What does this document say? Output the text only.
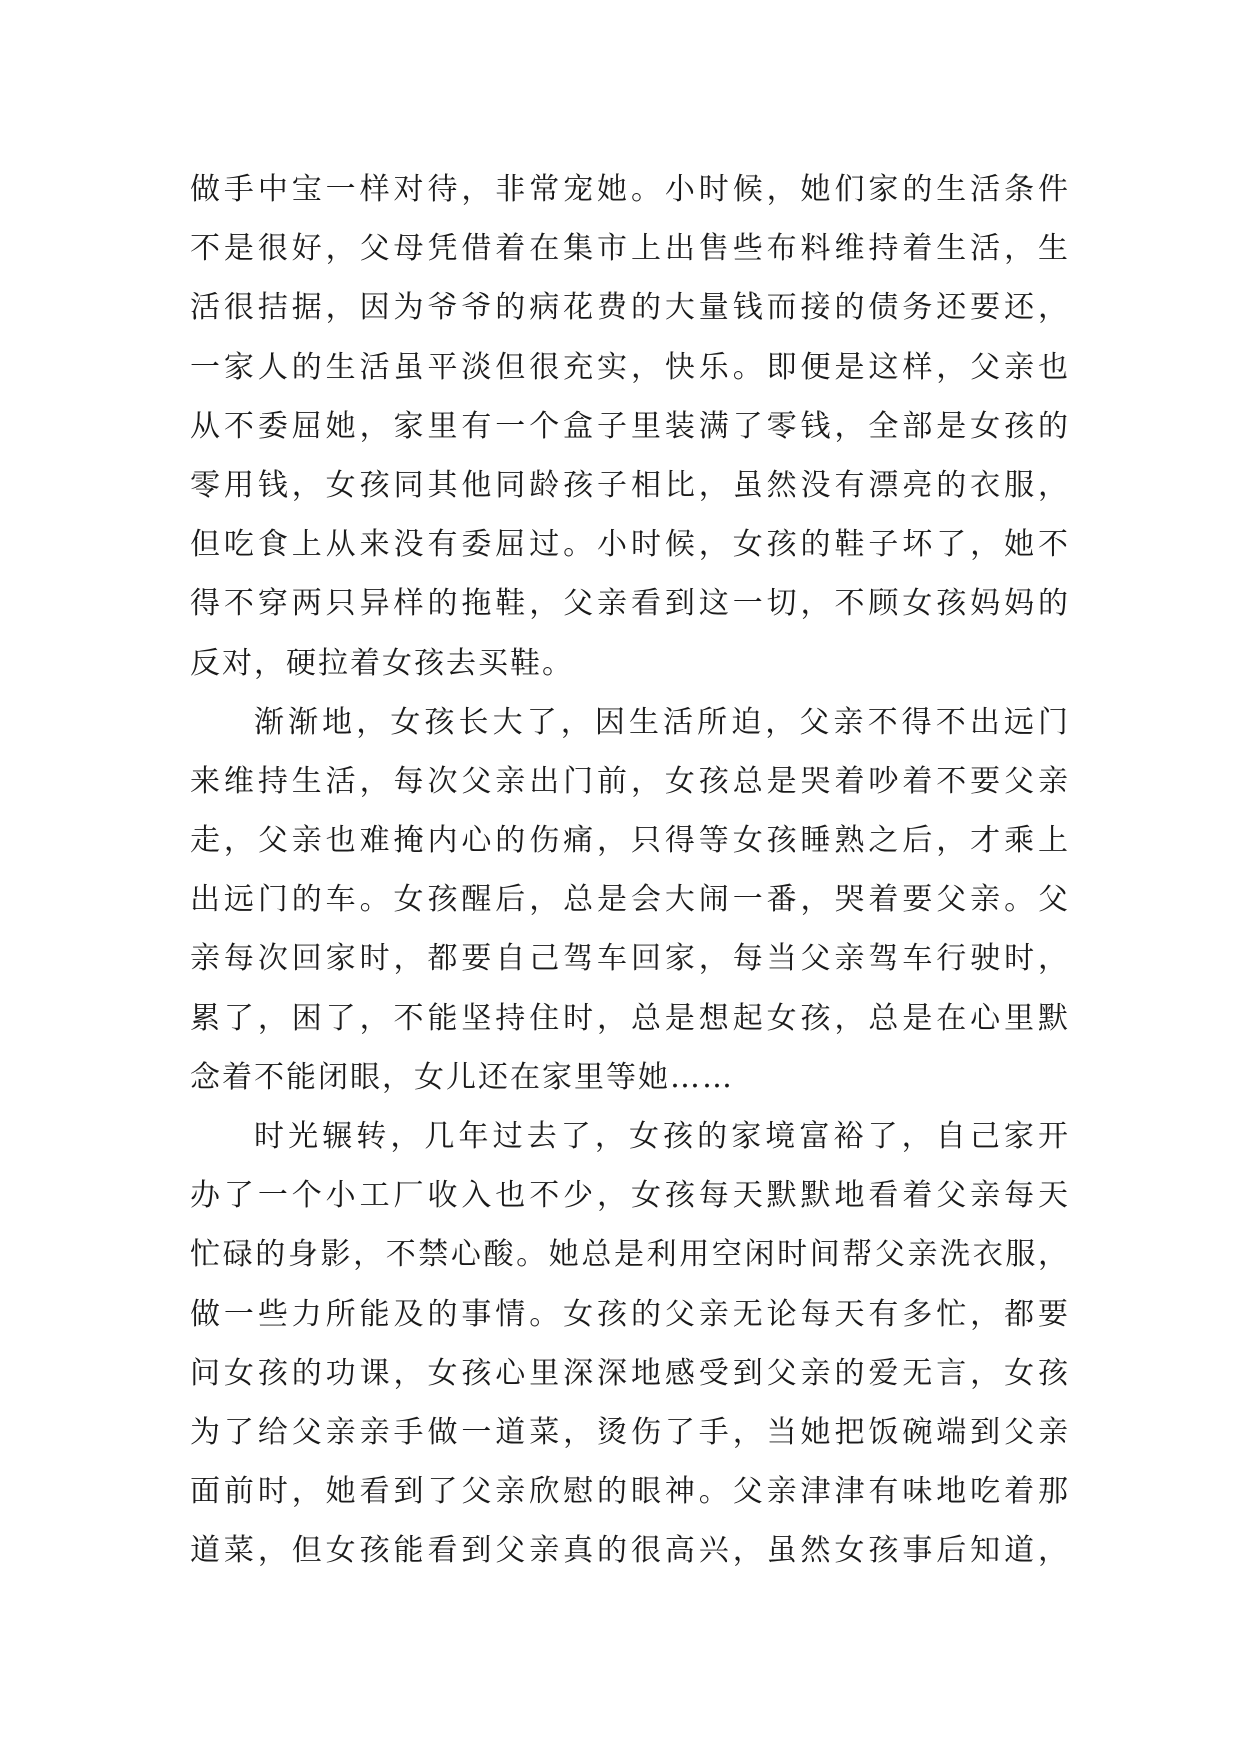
做手中宝一样对待，非常宠她。小时候，她们家的生活条件
不是很好，父母凭借着在集市上出售些布料维持着生活，生
活很拮据，因为爷爷的病花费的大量钱而接的债务还要还，
一家人的生活虽平淡但很充实，快乐。即便是这样，父亲也
从不委屈她，家里有一个盒子里装满了零钱，全部是女孩的
零用钱，女孩同其他同龄孩子相比，虽然没有漂亮的衣服，
但吃食上从来没有委屈过。小时候，女孩的鞋子坏了，她不
得不穿两只异样的拖鞋，父亲看到这一切，不顾女孩妈妈的
反对，硬拉着女孩去买鞋。
渐渐地，女孩长大了，因生活所迫，父亲不得不出远门
来维持生活，每次父亲出门前，女孩总是哭着吵着不要父亲
走，父亲也难掩内心的伤痛，只得等女孩睡熟之后，才乘上
出远门的车。女孩醒后，总是会大闹一番，哭着要父亲。父
亲每次回家时，都要自己驾车回家，每当父亲驾车行驶时，
累了，困了，不能坚持住时，总是想起女孩，总是在心里默
念着不能闭眼，女儿还在家里等她……
时光辗转，几年过去了，女孩的家境富裕了，自己家开
办了一个小工厂收入也不少，女孩每天默默地看着父亲每天
忙碌的身影，不禁心酸。她总是利用空闲时间帮父亲洗衣服，
做一些力所能及的事情。女孩的父亲无论每天有多忙，都要
问女孩的功课，女孩心里深深地感受到父亲的爱无言，女孩
为了给父亲亲手做一道菜，烫伤了手，当她把饭碗端到父亲
面前时，她看到了父亲欣慰的眼神。父亲津津有味地吃着那
道菜，但女孩能看到父亲真的很高兴，虽然女孩事后知道，
